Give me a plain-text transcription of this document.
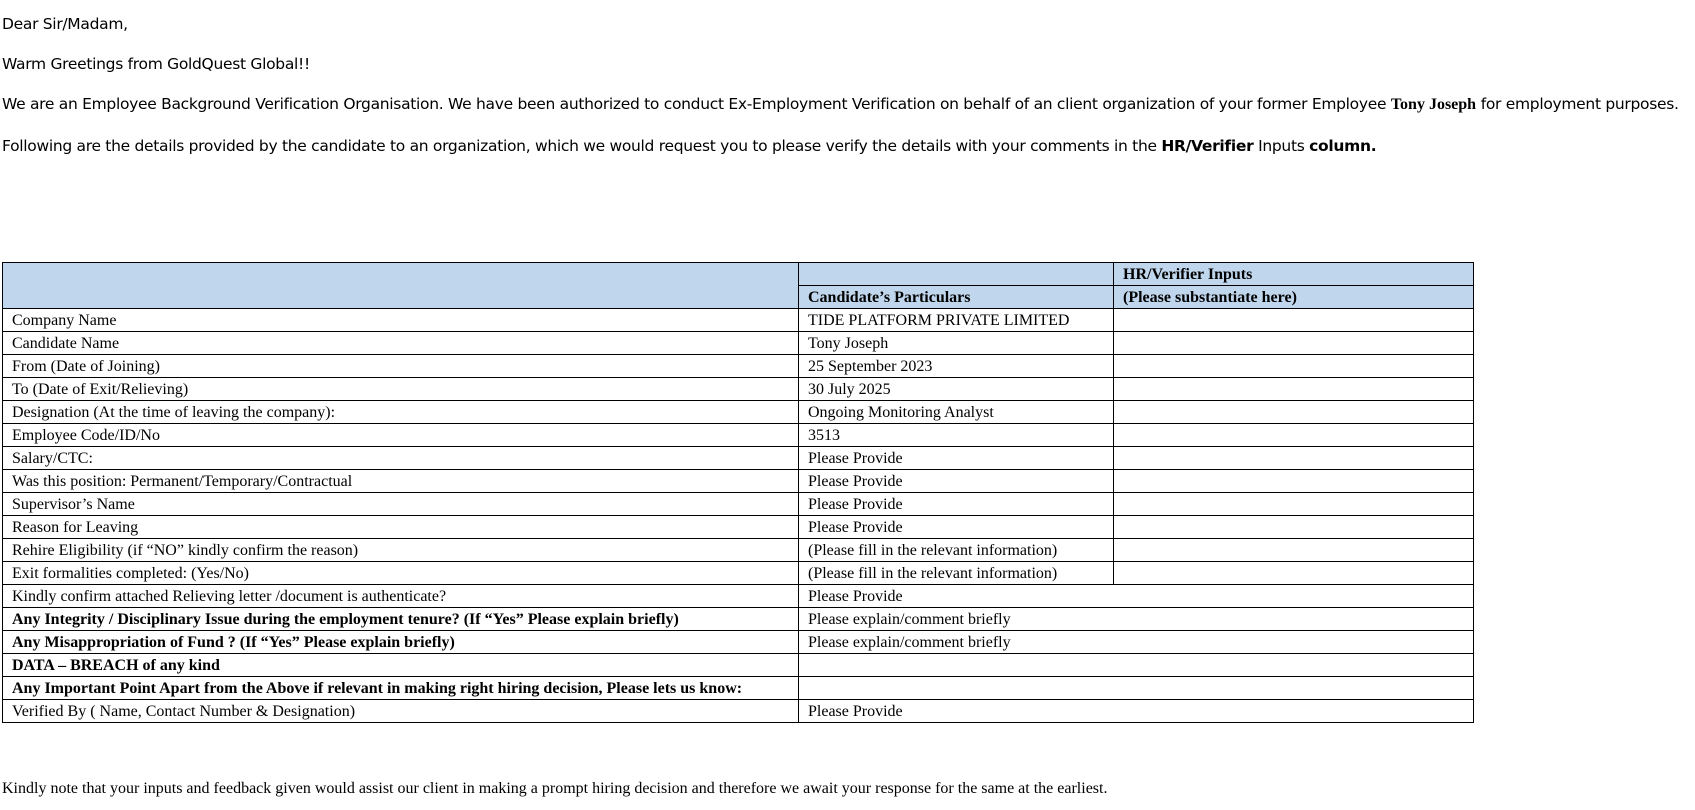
Dear Sir/Madam,

Warm Greetings from GoldQuest Global!!

We are an Employee Background Verification Organisation. We have been authorized to conduct Ex-Employment Verification on behalf of an client organization of your former Employee Tony Joseph for employment purposes.

Following are the details provided by the candidate to an organization, which we would request you to please verify the details with your comments in the HR/Verifier Inputs column.

		HR/Verifier Inputs
	Candidate’s Particulars	(Please substantiate here)
Company Name	TIDE PLATFORM PRIVATE LIMITED	
Candidate Name	Tony Joseph	
From (Date of Joining)	25 September 2023	
To (Date of Exit/Relieving)	30 July 2025	
Designation (At the time of leaving the company):	Ongoing Monitoring Analyst	
Employee Code/ID/No	3513	
Salary/CTC:	Please Provide	
Was this position: Permanent/Temporary/Contractual	Please Provide	
Supervisor’s Name	Please Provide	
Reason for Leaving	Please Provide	
Rehire Eligibility (if “NO” kindly confirm the reason)	(Please fill in the relevant information)	
Exit formalities completed: (Yes/No)	(Please fill in the relevant information)	
Kindly confirm attached Relieving letter /document is authenticate?	Please Provide	
Any Integrity / Disciplinary Issue during the employment tenure? (If “Yes” Please explain briefly)	Please explain/comment briefly	
Any Misappropriation of Fund ? (If “Yes” Please explain briefly)	Please explain/comment briefly	
DATA – BREACH of any kind		
Any Important Point Apart from the Above if relevant in making right hiring decision, Please lets us know:		
Verified By ( Name, Contact Number & Designation)	Please Provide	
Kindly note that your inputs and feedback given would assist our client in making a prompt hiring decision and therefore we await your response for the same at the earliest.
